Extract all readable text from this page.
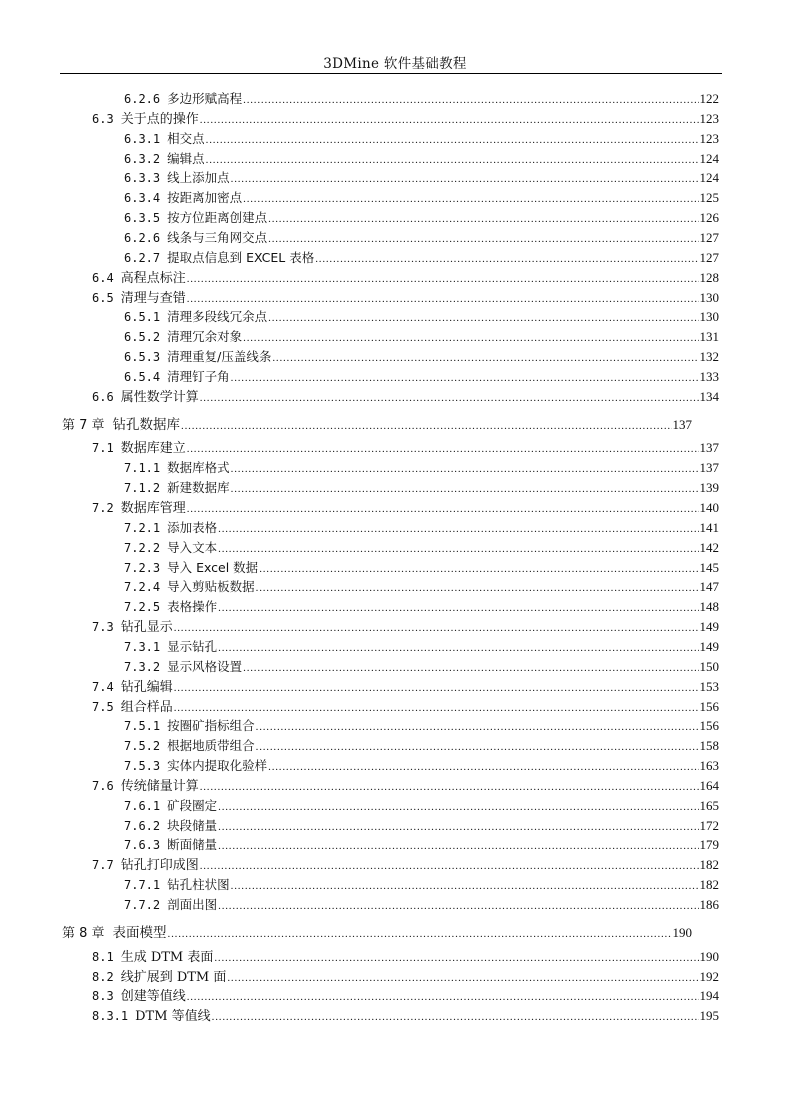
3DMine 软件基础教程
6.2.6 多边形赋高程 .....	122
6.3 关于点的操作 .....	123
6.3.1 相交点 .....	123
6.3.2 编辑点 .....	124
6.3.3 线上添加点 .....	124
6.3.4 按距离加密点 .....	125
6.3.5 按方位距离创建点 .....	126
6.2.6 线条与三角网交点 .....	127
6.2.7 提取点信息到 EXCEL 表格 .....	127
6.4 高程点标注 .....	128
6.5 清理与查错 .....	130
6.5.1 清理多段线冗余点 .....	130
6.5.2 清理冗余对象 .....	131
6.5.3 清理重复/压盖线条 .....	132
6.5.4 清理钉子角 .....	133
6.6 属性数学计算 .....	134
第 7 章 钻孔数据库 .....	137
7.1 数据库建立 .....	137
7.1.1 数据库格式 .....	137
7.1.2 新建数据库 .....	139
7.2 数据库管理 .....	140
7.2.1 添加表格 .....	141
7.2.2 导入文本 .....	142
7.2.3 导入 Excel 数据 .....	145
7.2.4 导入剪贴板数据 .....	147
7.2.5 表格操作 .....	148
7.3 钻孔显示 .....	149
7.3.1 显示钻孔 .....	149
7.3.2 显示风格设置 .....	150
7.4 钻孔编辑 .....	153
7.5 组合样品 .....	156
7.5.1 按圈矿指标组合 .....	156
7.5.2 根据地质带组合 .....	158
7.5.3 实体内提取化验样 .....	163
7.6 传统储量计算 .....	164
7.6.1 矿段圈定 .....	165
7.6.2 块段储量 .....	172
7.6.3 断面储量 .....	179
7.7 钻孔打印成图 .....	182
7.7.1 钻孔柱状图 .....	182
7.7.2 剖面出图 .....	186
第 8 章 表面模型 .....	190
8.1 生成 DTM 表面 .....	190
8.2 线扩展到 DTM 面 .....	192
8.3 创建等值线 .....	194
8.3.1 DTM 等值线 .....	195
